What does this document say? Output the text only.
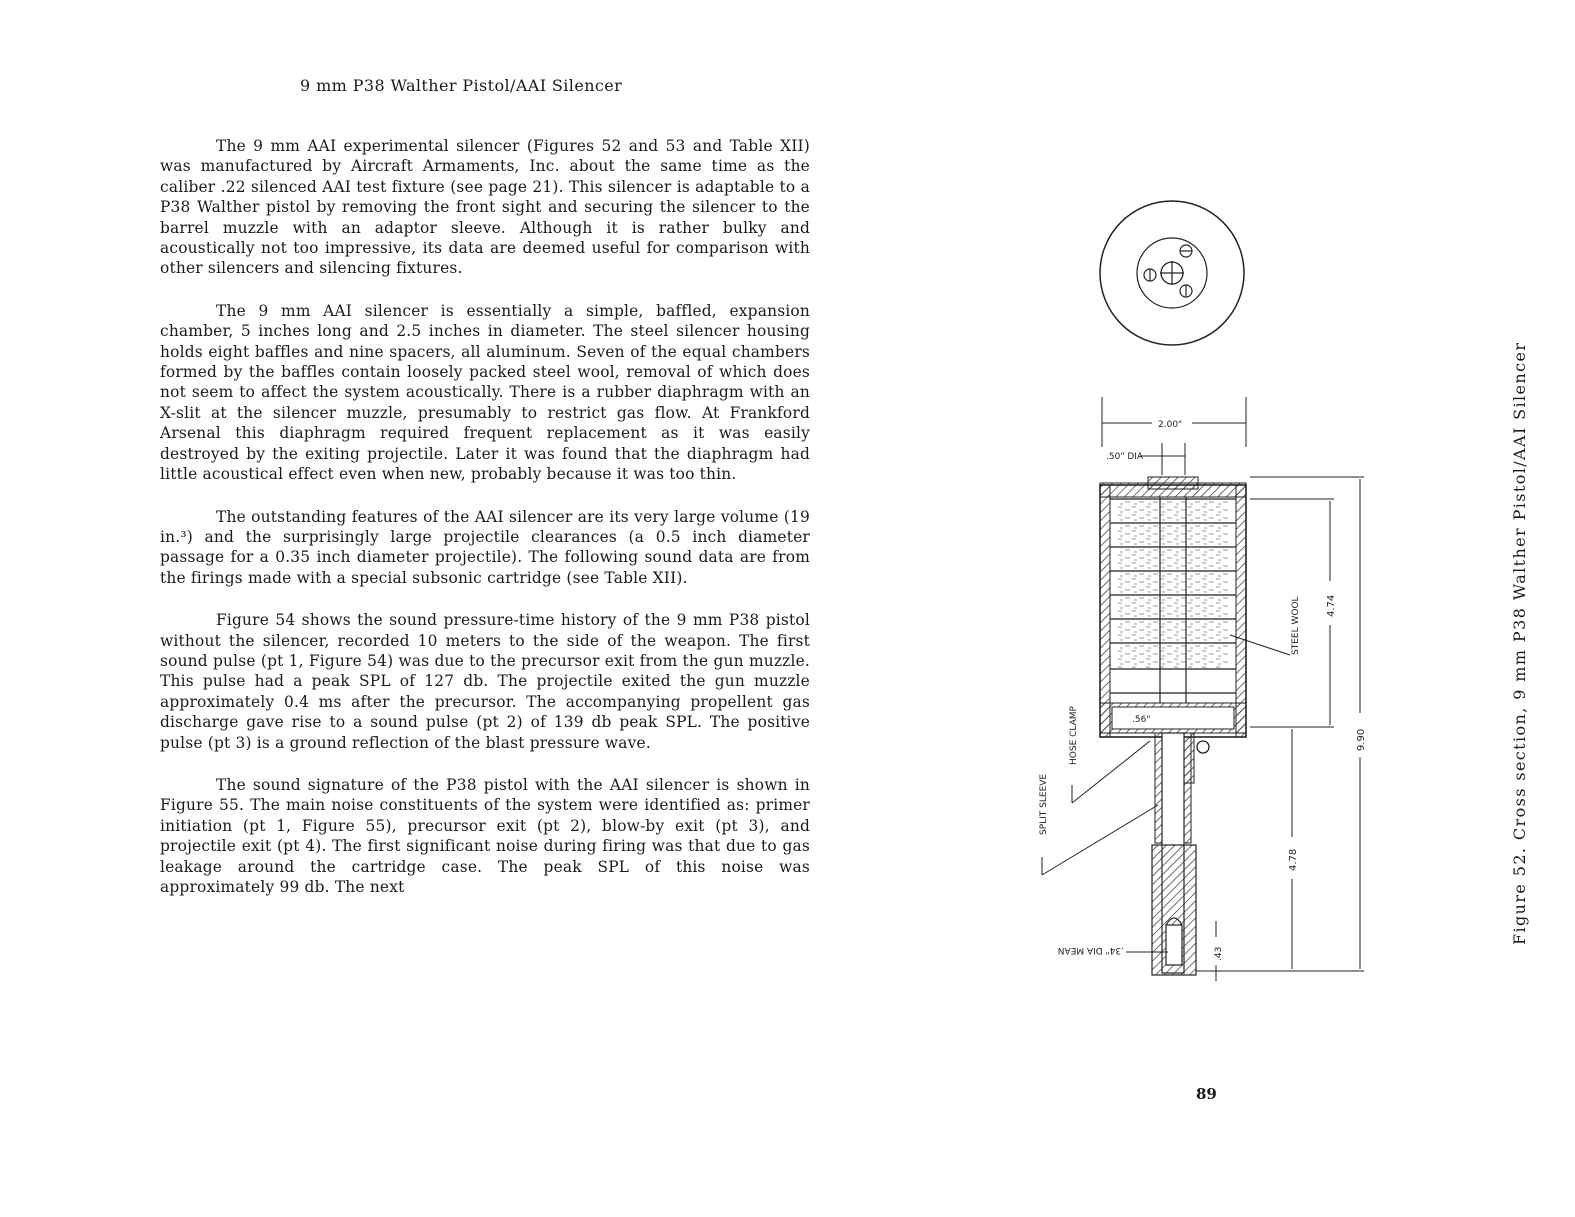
9 mm P38 Walther Pistol/AAI Silencer

The 9 mm AAI experimental silencer (Figures 52 and 53 and Table XII) was manufactured by Aircraft Armaments, Inc. about the same time as the caliber .22 silenced AAI test fixture (see page 21). This silencer is adaptable to a P38 Walther pistol by removing the front sight and securing the silencer to the barrel muzzle with an adaptor sleeve. Although it is rather bulky and acoustically not too impressive, its data are deemed useful for comparison with other silencers and silencing fixtures.

The 9 mm AAI silencer is essentially a simple, baffled, expansion chamber, 5 inches long and 2.5 inches in diameter. The steel silencer housing holds eight baffles and nine spacers, all aluminum. Seven of the equal chambers formed by the baffles contain loosely packed steel wool, removal of which does not seem to affect the system acoustically. There is a rubber diaphragm with an X-slit at the silencer muzzle, presumably to restrict gas flow. At Frankford Arsenal this diaphragm required frequent replacement as it was easily destroyed by the exiting projectile. Later it was found that the diaphragm had little acoustical effect even when new, probably because it was too thin.

The outstanding features of the AAI silencer are its very large volume (19 in.³) and the surprisingly large projectile clearances (a 0.5 inch diameter passage for a 0.35 inch diameter projectile). The following sound data are from the firings made with a special subsonic cartridge (see Table XII).

Figure 54 shows the sound pressure-time history of the 9 mm P38 pistol without the silencer, recorded 10 meters to the side of the weapon. The first sound pulse (pt 1, Figure 54) was due to the precursor exit from the gun muzzle. This pulse had a peak SPL of 127 db. The projectile exited the gun muzzle approximately 0.4 ms after the precursor. The accompanying propellent gas discharge gave rise to a sound pulse (pt 2) of 139 db peak SPL. The positive pulse (pt 3) is a ground reflection of the blast pressure wave.

The sound signature of the P38 pistol with the AAI silencer is shown in Figure 55. The main noise constituents of the system were identified as: primer initiation (pt 1, Figure 55), precursor exit (pt 2), blow-by exit (pt 3), and projectile exit (pt 4). The first significant noise during firing was that due to gas leakage around the cartridge case. The peak SPL of this noise was approximately 99 db. The next

2.00"
.50" DIA
.56"
STEEL WOOL
HOSE CLAMP
SPLIT SLEEVE
.34" DIA MEAN
4.74
4.78
9.90
.43
Figure 52. Cross section, 9 mm P38 Walther Pistol/AAI Silencer
89
